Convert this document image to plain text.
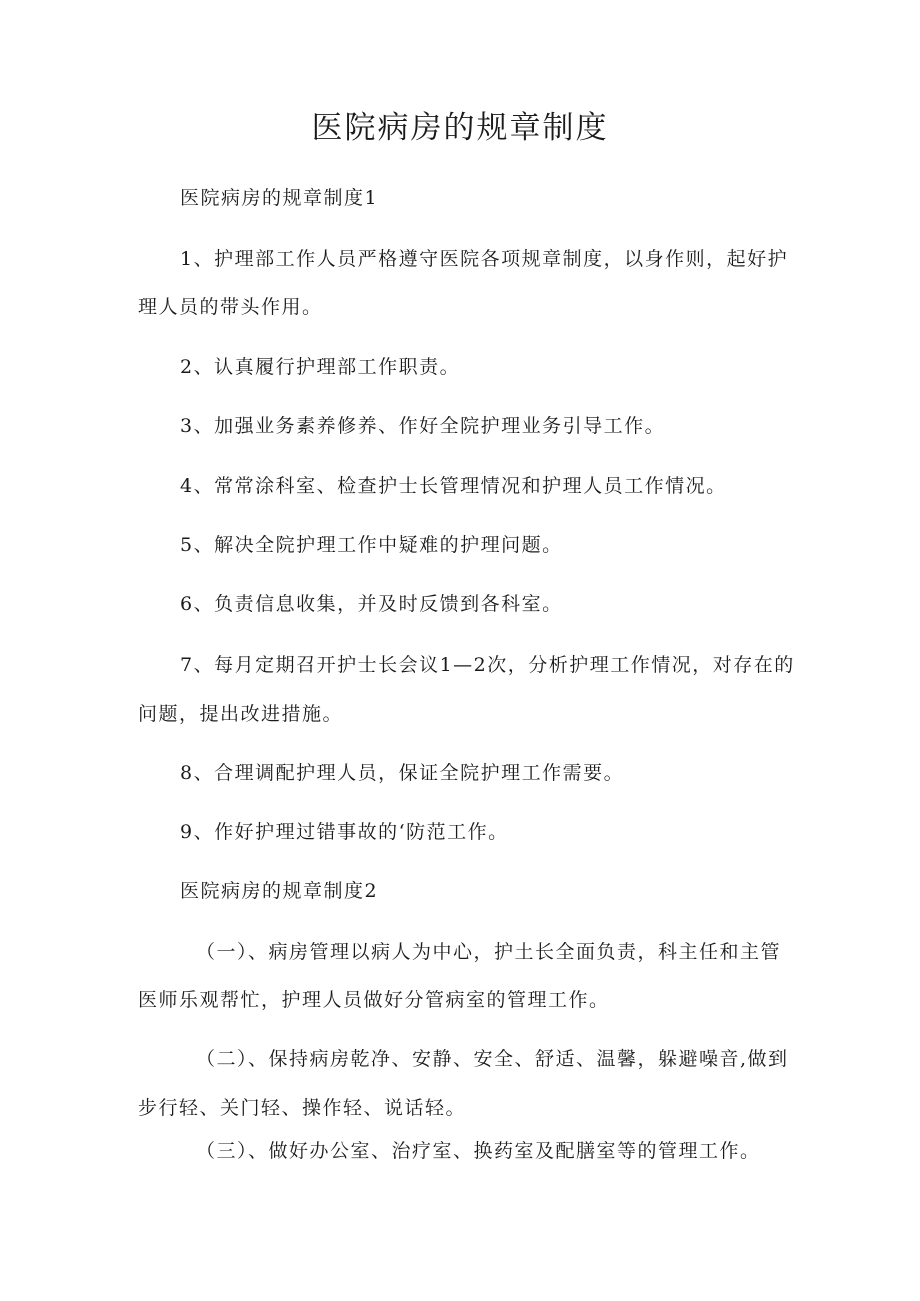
医院病房的规章制度
医院病房的规章制度1
1、护理部工作人员严格遵守医院各项规章制度，以身作则，起好护
理人员的带头作用。
2、认真履行护理部工作职责。
3、加强业务素养修养、作好全院护理业务引导工作。
4、常常涂科室、检查护士长管理情况和护理人员工作情况。
5、解决全院护理工作中疑难的护理问题。
6、负责信息收集，并及时反馈到各科室。
7、每月定期召开护士长会议1—2次，分析护理工作情况，对存在的
问题，提出改进措施。
8、合理调配护理人员，保证全院护理工作需要。
9、作好护理过错事故的‘防范工作。
医院病房的规章制度2
（一）、病房管理以病人为中心，护土长全面负责，科主任和主管
医师乐观帮忙，护理人员做好分管病室的管理工作。
（二）、保持病房乾净、安静、安全、舒适、温馨，躲避噪音,做到
步行轻、关门轻、操作轻、说话轻。
（三）、做好办公室、治疗室、换药室及配膳室等的管理工作。
